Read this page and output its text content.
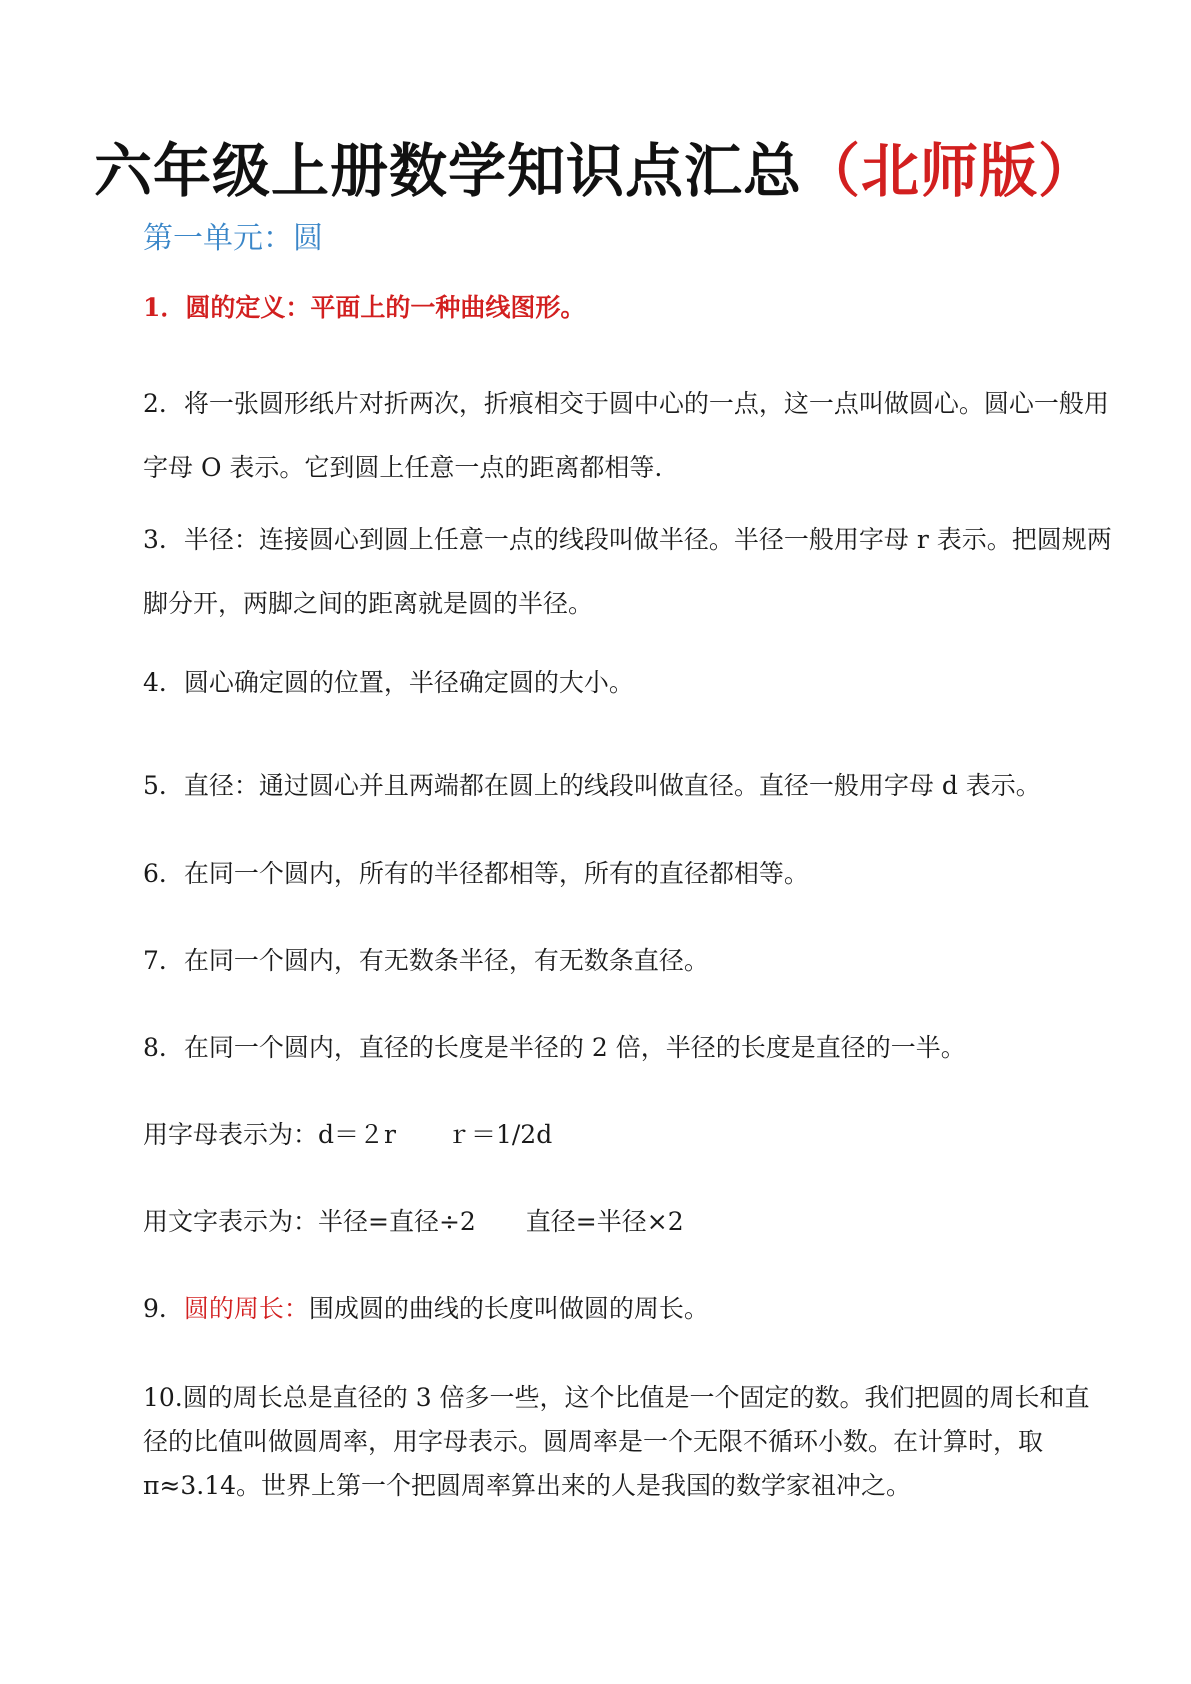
六年级上册数学知识点汇总（北师版）
第一单元：圆
1．圆的定义：平面上的一种曲线图形。
2．将一张圆形纸片对折两次，折痕相交于圆中心的一点，这一点叫做圆心。圆心一般用字母 O 表示。它到圆上任意一点的距离都相等.
3．半径：连接圆心到圆上任意一点的线段叫做半径。半径一般用字母 r 表示。把圆规两脚分开，两脚之间的距离就是圆的半径。
4．圆心确定圆的位置，半径确定圆的大小。
5．直径：通过圆心并且两端都在圆上的线段叫做直径。直径一般用字母 d 表示。
6．在同一个圆内，所有的半径都相等，所有的直径都相等。
7．在同一个圆内，有无数条半径，有无数条直径。
8．在同一个圆内，直径的长度是半径的 2 倍，半径的长度是直径的一半。
用字母表示为：d＝２r　　ｒ＝1/2d
用文字表示为：半径=直径÷2　　直径=半径×2
9．圆的周长：围成圆的曲线的长度叫做圆的周长。
10.圆的周长总是直径的 3 倍多一些，这个比值是一个固定的数。我们把圆的周长和直径的比值叫做圆周率，用字母表示。圆周率是一个无限不循环小数。在计算时，取π≈3.14。世界上第一个把圆周率算出来的人是我国的数学家祖冲之。
